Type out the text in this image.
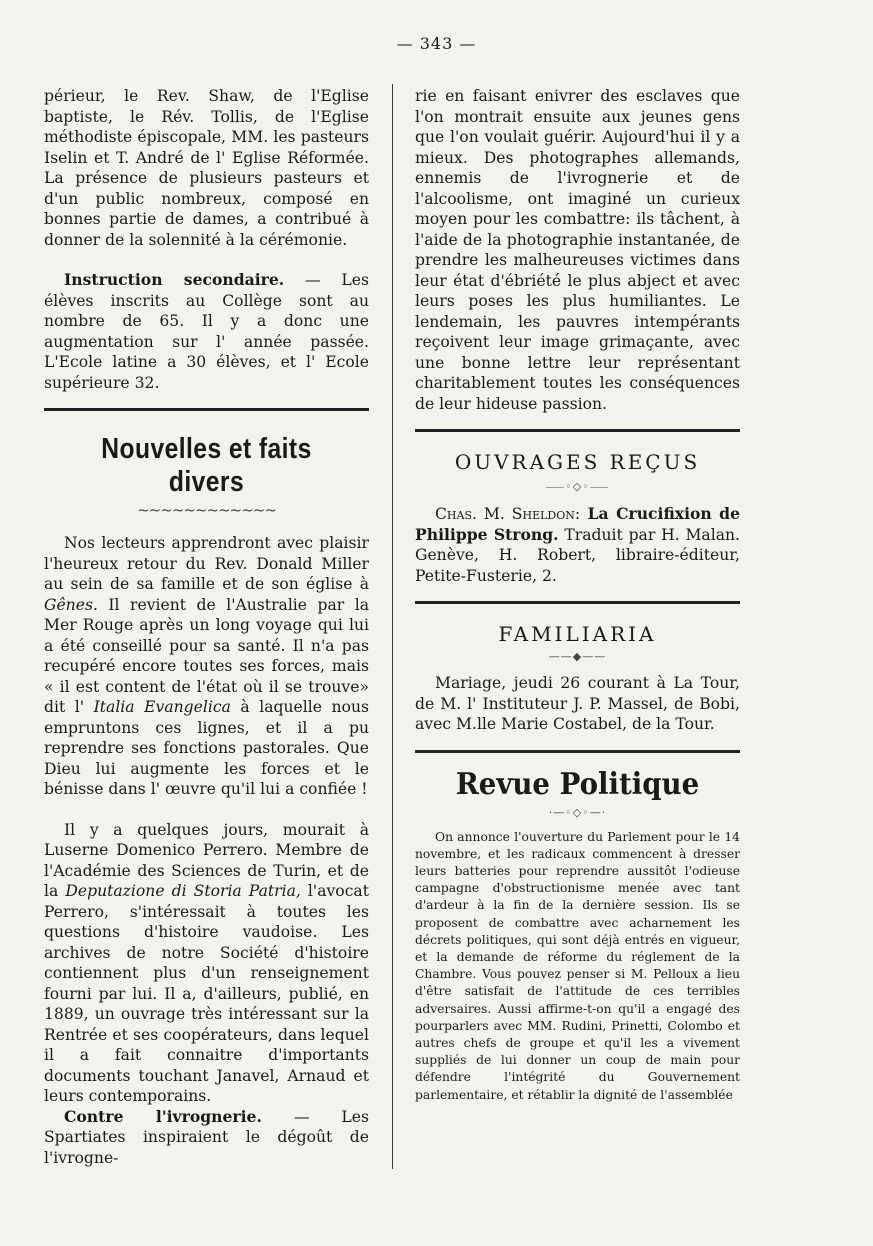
— 343 —

périeur, le Rev. Shaw, de l'Eglise baptiste, le Rév. Tollis, de l'Eglise méthodiste épiscopale, MM. les pasteurs Iselin et T. André de l' Eglise Réformée. La présence de plusieurs pasteurs et d'un public nombreux, composé en bonnes partie de dames, a contribué à donner de la solennité à la cérémonie.

Instruction secondaire. — Les élèves inscrits au Collège sont au nombre de 65. Il y a donc une augmentation sur l' année passée. L'Ecole latine a 30 élèves, et l' Ecole supérieure 32.

Nouvelles et faits divers
~~~~~~~~~~~~

Nos lecteurs apprendront avec plaisir l'heureux retour du Rev. Donald Miller au sein de sa famille et de son église à Gênes. Il revient de l'Australie par la Mer Rouge après un long voyage qui lui a été conseillé pour sa santé. Il n'a pas recupéré encore toutes ses forces, mais « il est content de l'état où il se trouve» dit l' Italia Evangelica à laquelle nous empruntons ces lignes, et il a pu reprendre ses fonctions pastorales. Que Dieu lui augmente les forces et le bénisse dans l' œuvre qu'il lui a confiée !

Il y a quelques jours, mourait à Luserne Domenico Perrero. Membre de l'Académie des Sciences de Turin, et de la Deputazione di Storia Patria, l'avocat Perrero, s'intéressait à toutes les questions d'histoire vaudoise. Les archives de notre Société d'histoire contiennent plus d'un renseignement fourni par lui. Il a, d'ailleurs, publié, en 1889, un ouvrage très intéressant sur la Rentrée et ses coopérateurs, dans lequel il a fait connaitre d'importants documents touchant Janavel, Arnaud et leurs contemporains.

Contre l'ivrognerie. — Les Spartiates inspiraient le dégoût de l'ivrogne-

rie en faisant enivrer des esclaves que l'on montrait ensuite aux jeunes gens que l'on voulait guérir. Aujourd'hui il y a mieux. Des photographes allemands, ennemis de l'ivrognerie et de l'alcoolisme, ont imaginé un curieux moyen pour les combattre: ils tâchent, à l'aide de la photographie instantanée, de prendre les malheureuses victimes dans leur état d'ébriété le plus abject et avec leurs poses les plus humiliantes. Le lendemain, les pauvres intempérants reçoivent leur image grimaçante, avec une bonne lettre leur représentant charitablement toutes les conséquences de leur hideuse passion.

OUVRAGES REÇUS
⸺◦◇◦⸺

Chas. M. Sheldon: La Crucifixion de Philippe Strong. Traduit par H. Malan. Genève, H. Robert, libraire-éditeur, Petite-Fusterie, 2.

FAMILIARIA
——◆——

Mariage, jeudi 26 courant à La Tour, de M. l' Instituteur J. P. Massel, de Bobi, avec M.lle Marie Costabel, de la Tour.

Revue Politique
·—◦◇◦—·

On annonce l'ouverture du Parlement pour le 14 novembre, et les radicaux commencent à dresser leurs batteries pour reprendre aussitôt l'odieuse campagne d'obstructionisme menée avec tant d'ardeur à la fin de la dernière session. Ils se proposent de combattre avec acharnement les décrets politiques, qui sont déjà entrés en vigueur, et la demande de réforme du réglement de la Chambre. Vous pouvez penser si M. Pelloux a lieu d'être satisfait de l'attitude de ces terribles adversaires. Aussi affirme-t-on qu'il a engagé des pourparlers avec MM. Rudini, Prinetti, Colombo et autres chefs de groupe et qu'il les a vivement suppliés de lui donner un coup de main pour défendre l'intégrité du Gouvernement parlementaire, et rétablir la dignité de l'assemblée
